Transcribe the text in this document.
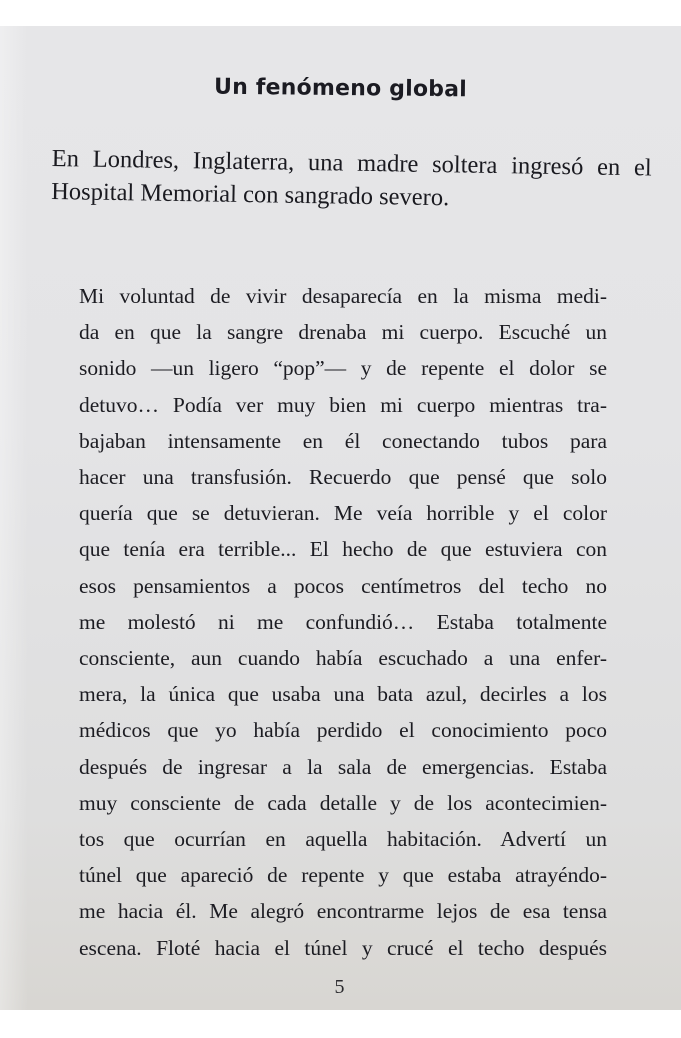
Un fenómeno global
En Londres, Inglaterra, una madre soltera ingresó en el
Hospital Memorial con sangrado severo.
Mi voluntad de vivir desaparecía en la misma medi-
da en que la sangre drenaba mi cuerpo. Escuché un
sonido —un ligero “pop”— y de repente el dolor se
detuvo… Podía ver muy bien mi cuerpo mientras tra-
bajaban intensamente en él conectando tubos para
hacer una transfusión. Recuerdo que pensé que solo
quería que se detuvieran. Me veía horrible y el color
que tenía era terrible... El hecho de que estuviera con
esos pensamientos a pocos centímetros del techo no
me molestó ni me confundió… Estaba totalmente
consciente, aun cuando había escuchado a una enfer-
mera, la única que usaba una bata azul, decirles a los
médicos que yo había perdido el conocimiento poco
después de ingresar a la sala de emergencias. Estaba
muy consciente de cada detalle y de los acontecimien-
tos que ocurrían en aquella habitación. Advertí un
túnel que apareció de repente y que estaba atrayéndo-
me hacia él. Me alegró encontrarme lejos de esa tensa
escena. Floté hacia el túnel y crucé el techo después
5
